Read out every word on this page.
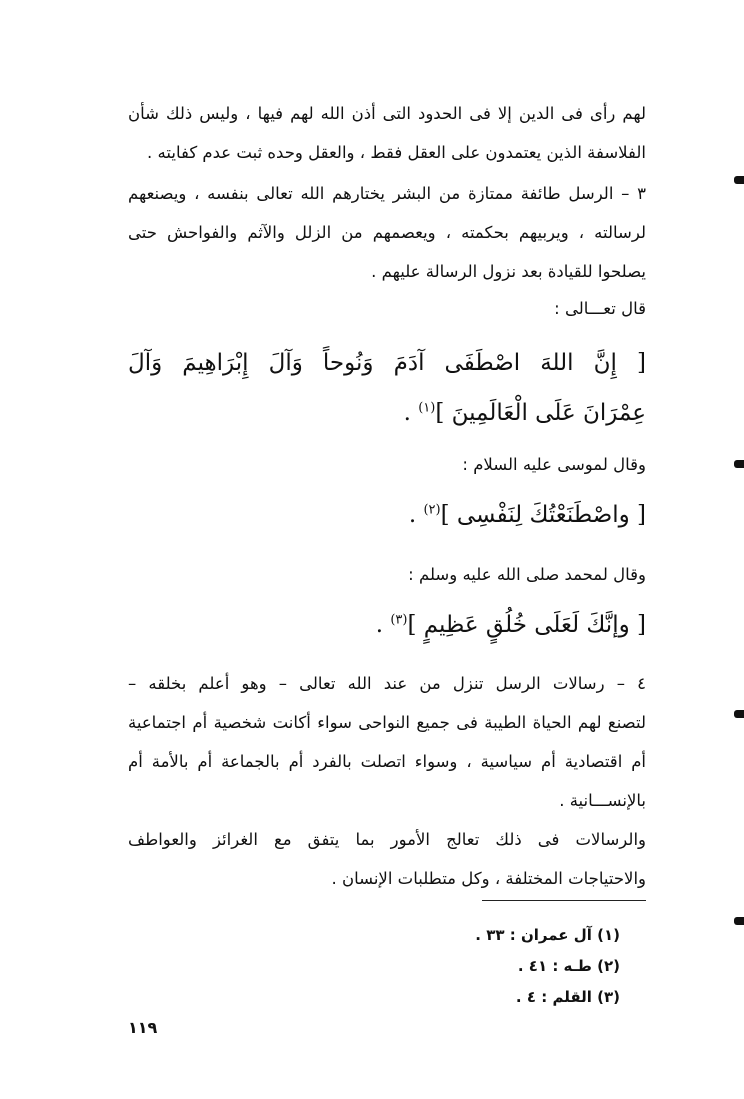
لهم رأى فى الدين إلا فى الحدود التى أذن الله لهم فيها ، وليس ذلك شأن
الفلاسفة الذين يعتمدون على العقل فقط ، والعقل وحده ثبت عدم كفايته .
٣ – الرسل طائفة ممتازة من البشر يختارهم الله تعالى بنفسه ، ويصنعهم
لرسالته ، ويربيهم بحكمته ، ويعصمهم من الزلل والآثم والفواحش حتى
يصلحوا للقيادة بعد نزول الرسالة عليهم .
قال تعـــالى :
[ إِنَّ اللهَ اصْطَفَى آدَمَ وَنُوحاً وَآلَ إِبْرَاهِيمَ وَآلَ
عِمْرَانَ عَلَى الْعَالَمِينَ ]$^{(١)}$ .
وقال لموسى عليه السلام :
[ واصْطَنَعْتُكَ لِنَفْسِى ]$^{(٢)}$ .
وقال لمحمد صلى الله عليه وسلم :
[ وإنَّكَ لَعَلَى خُلُقٍ عَظِيمٍ ]$^{(٣)}$ .
٤ – رسالات الرسل تنزل من عند الله تعالى – وهو أعلم بخلقه –
لتصنع لهم الحياة الطيبة فى جميع النواحى سواء أكانت شخصية أم اجتماعية
أم اقتصادية أم سياسية ، وسواء اتصلت بالفرد أم بالجماعة أم بالأمة أم
بالإنســـانية .
والرسالات فى ذلك تعالج الأمور بما يتفق مع الغرائز والعواطف
والاحتياجات المختلفة ، وكل متطلبات الإنسان .
(١) آل عمران : ٣٣ .
(٢) طـه : ٤١ .
(٣) القلم : ٤ .
١١٩
